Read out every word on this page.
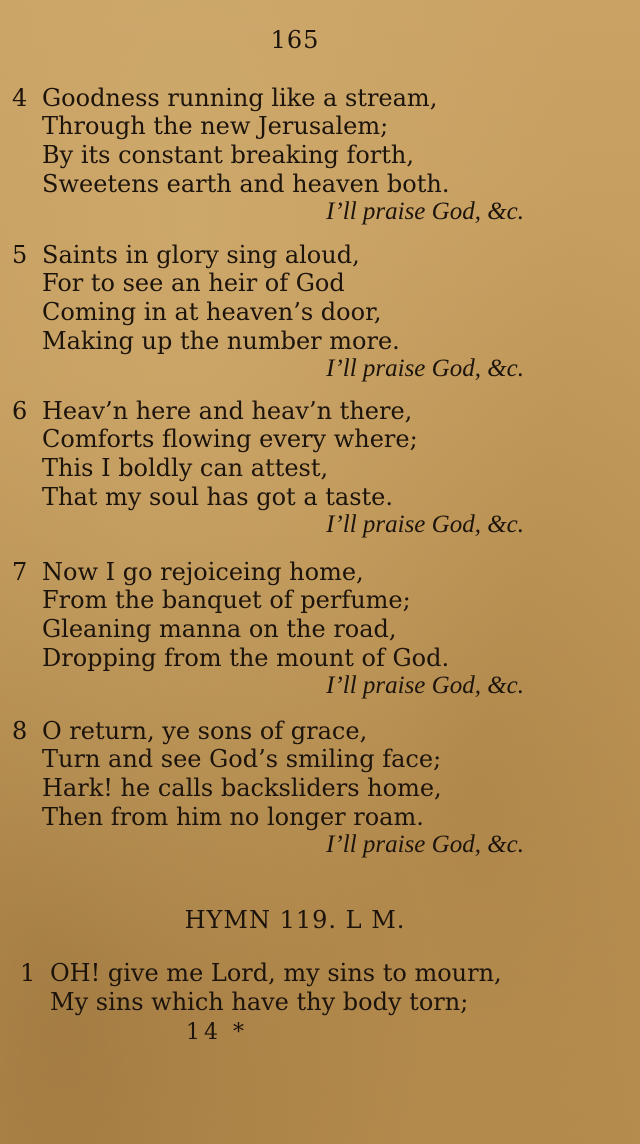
165
4 Goodness running like a stream,
Through the new Jerusalem;
By its constant breaking forth,
Sweetens earth and heaven both.
I’ll praise God, &c.
5 Saints in glory sing aloud,
For to see an heir of God
Coming in at heaven’s door,
Making up the number more.
I’ll praise God, &c.
6 Heav’n here and heav’n there,
Comforts flowing every where;
This I boldly can attest,
That my soul has got a taste.
I’ll praise God, &c.
7 Now I go rejoiceing home,
From the banquet of perfume;
Gleaning manna on the road,
Dropping from the mount of God.
I’ll praise God, &c.
8 O return, ye sons of grace,
Turn and see God’s smiling face;
Hark! he calls backsliders home,
Then from him no longer roam.
I’ll praise God, &c.
HYMN 119. L M.
1 OH! give me Lord, my sins to mourn,
My sins which have thy body torn;
14 *
